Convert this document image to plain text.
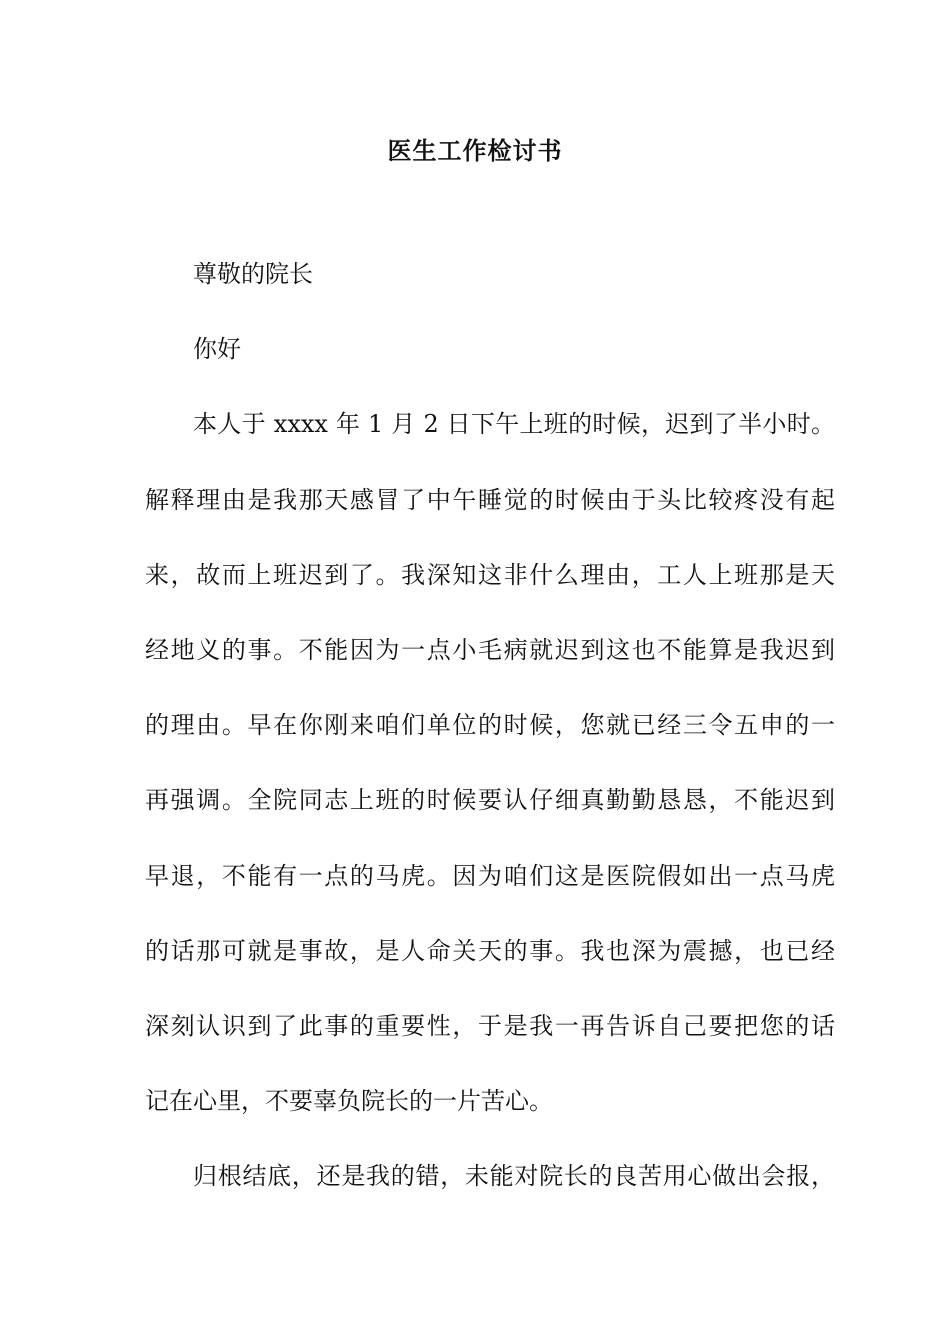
医生工作检讨书
尊敬的院长
你好
本人于 xxxx 年 1 月 2 日下午上班的时候，迟到了半小时。
解释理由是我那天感冒了中午睡觉的时候由于头比较疼没有起
来，故而上班迟到了。我深知这非什么理由，工人上班那是天
经地义的事。不能因为一点小毛病就迟到这也不能算是我迟到
的理由。早在你刚来咱们单位的时候，您就已经三令五申的一
再强调。全院同志上班的时候要认仔细真勤勤恳恳，不能迟到
早退，不能有一点的马虎。因为咱们这是医院假如出一点马虎
的话那可就是事故，是人命关天的事。我也深为震撼，也已经
深刻认识到了此事的重要性，于是我一再告诉自己要把您的话
记在心里，不要辜负院长的一片苦心。
归根结底，还是我的错，未能对院长的良苦用心做出会报，
